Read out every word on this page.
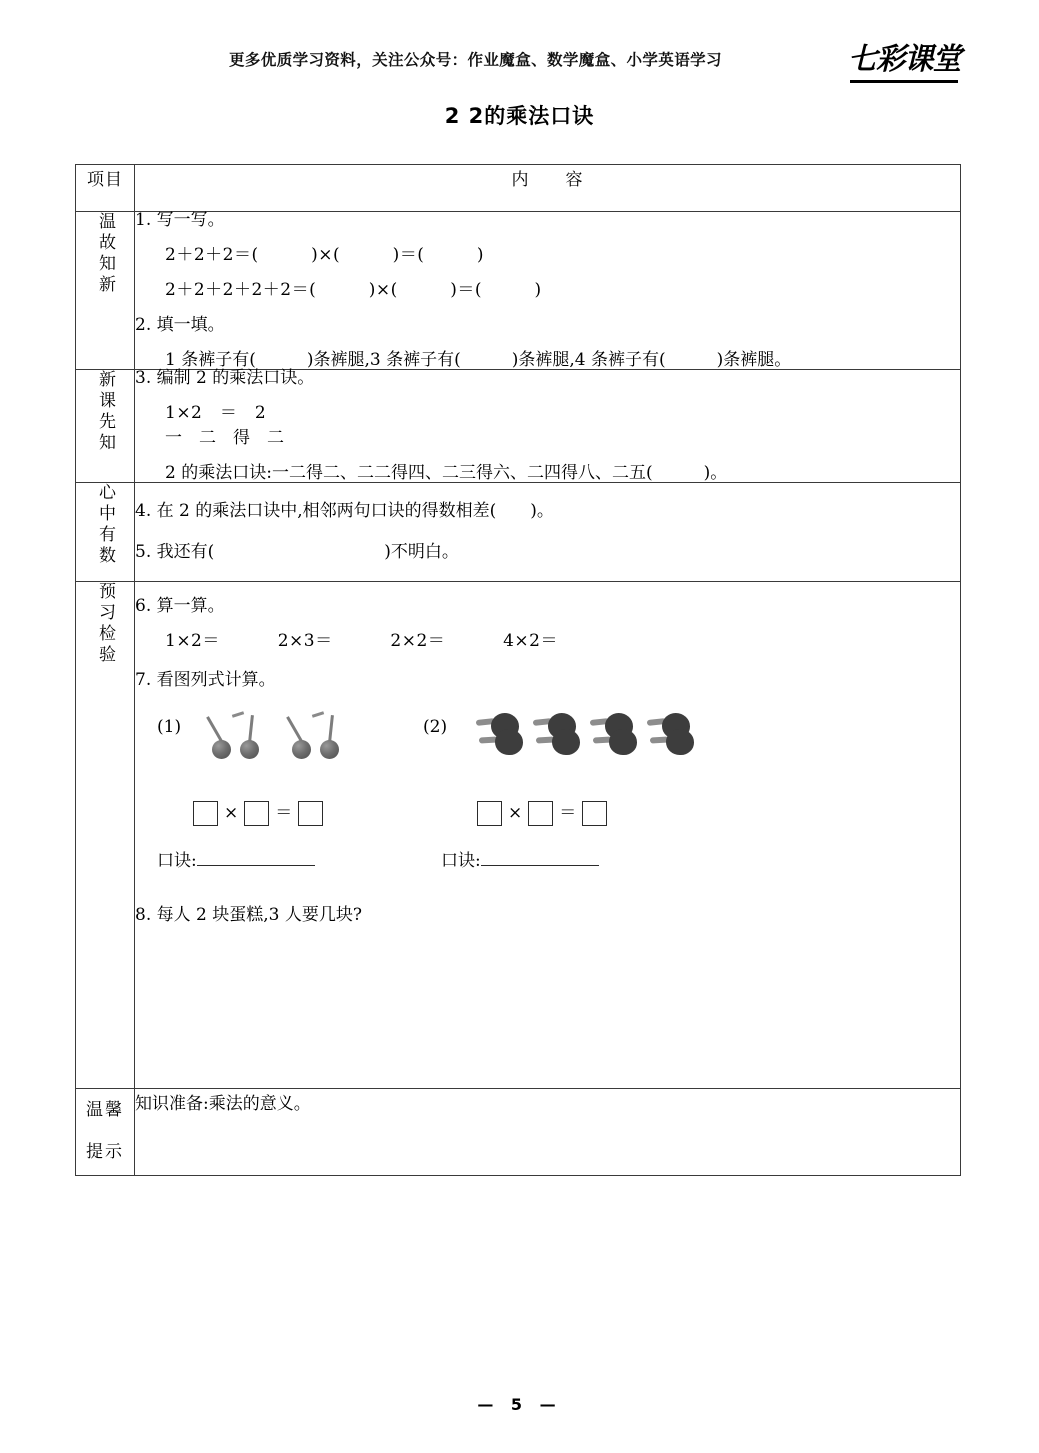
更多优质学习资料，关注公众号：作业魔盒、数学魔盒、小学英语学习	七彩课堂
2 2的乘法口诀
项目	内　　容
温故知新	1. 写一写。
2＋2＋2＝(　　　)×(　　　)＝(　　　)
2＋2＋2＋2＋2＝(　　　)×(　　　)＝(　　　)
2. 填一填。
1 条裤子有(　　　)条裤腿,3 条裤子有(　　　)条裤腿,4 条裤子有(　　　)条裤腿。

新课先知	3. 编制 2 的乘法口诀。
1×2　＝　2
一　二　得　二
2 的乘法口诀:一二得二、二二得四、二三得六、二四得八、二五(　　　)。

心中有数	4. 在 2 的乘法口诀中,相邻两句口诀的得数相差(　　)。
5. 我还有(　　　　　　　　　　)不明白。

预习检验	6. 算一算。
1×2＝	2×3＝	2×2＝	4×2＝
7. 看图列式计算。
(1)	(2)
×	＝	×	＝
口诀:	口诀:
8. 每人 2 块蛋糕,3 人要几块?

温馨
提示	知识准备:乘法的意义。
— 5 —
